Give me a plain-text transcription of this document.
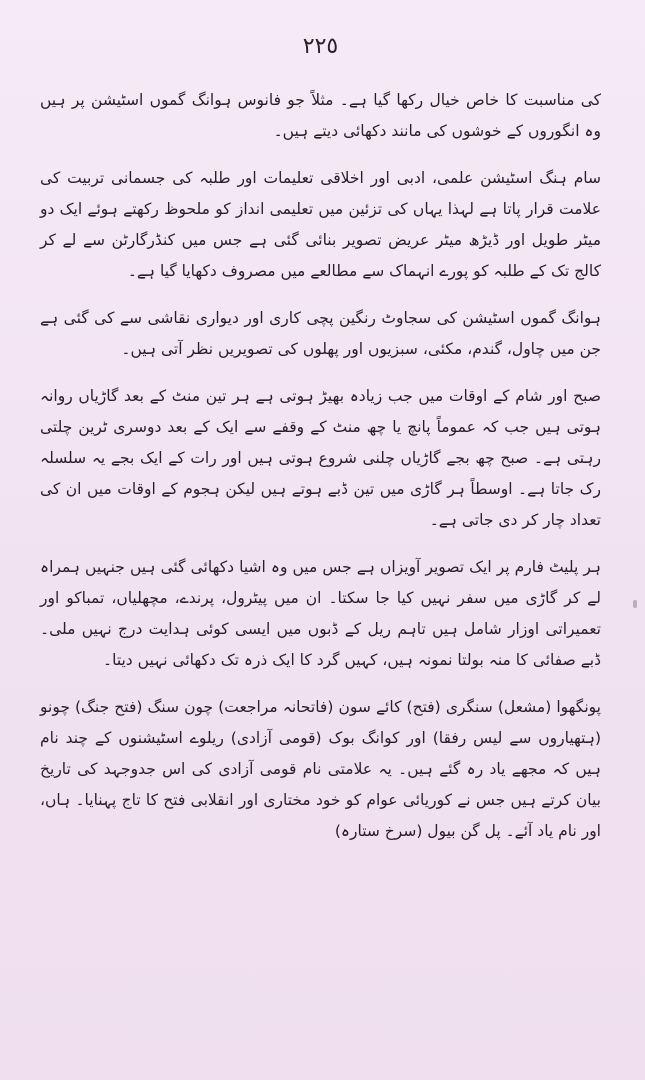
٢٢٥

کی مناسبت کا خاص خیال رکھا گیا ہے۔ مثلاً جو فانوس ہوانگ گموں اسٹیشن پر ہیں وہ انگوروں کے خوشوں کی مانند دکھائی دیتے ہیں۔

سام ہنگ اسٹیشن علمی، ادبی اور اخلاقی تعلیمات اور طلبہ کی جسمانی تربیت کی علامت قرار پاتا ہے لہذا یہاں کی تزئین میں تعلیمی انداز کو ملحوظ رکھتے ہوئے ایک دو میٹر طویل اور ڈیڑھ میٹر عریض تصویر بنائی گئی ہے جس میں کنڈرگارٹن سے لے کر کالج تک کے طلبہ کو پورے انہماک سے مطالعے میں مصروف دکھایا گیا ہے۔

ہوانگ گموں اسٹیشن کی سجاوٹ رنگین پچی کاری اور دیواری نقاشی سے کی گئی ہے جن میں چاول، گندم، مکئی، سبزیوں اور پھلوں کی تصویریں نظر آتی ہیں۔

صبح اور شام کے اوقات میں جب زیادہ بھیڑ ہوتی ہے ہر تین منٹ کے بعد گاڑیاں روانہ ہوتی ہیں جب کہ عموماً پانچ یا چھ منٹ کے وقفے سے ایک کے بعد دوسری ٹرین چلتی رہتی ہے۔ صبح چھ بجے گاڑیاں چلنی شروع ہوتی ہیں اور رات کے ایک بجے یہ سلسلہ رک جاتا ہے۔ اوسطاً ہر گاڑی میں تین ڈبے ہوتے ہیں لیکن ہجوم کے اوقات میں ان کی تعداد چار کر دی جاتی ہے۔

ہر پلیٹ فارم پر ایک تصویر آویزاں ہے جس میں وہ اشیا دکھائی گئی ہیں جنہیں ہمراہ لے کر گاڑی میں سفر نہیں کیا جا سکتا۔ ان میں پیٹرول، پرندے، مچھلیاں، تمباکو اور تعمیراتی اوزار شامل ہیں تاہم ریل کے ڈبوں میں ایسی کوئی ہدایت درج نہیں ملی۔ ڈبے صفائی کا منہ بولتا نمونہ ہیں، کہیں گرد کا ایک ذرہ تک دکھائی نہیں دیتا۔

پونگھوا (مشعل) سنگری (فتح) کائے سون (فاتحانہ مراجعت) چون سنگ (فتح جنگ) چونو (ہتھیاروں سے لیس رفقا) اور کوانگ بوک (قومی آزادی) ریلوے اسٹیشنوں کے چند نام ہیں کہ مجھے یاد رہ گئے ہیں۔ یہ علامتی نام قومی آزادی کی اس جدوجہد کی تاریخ بیان کرتے ہیں جس نے کوریائی عوام کو خود مختاری اور انقلابی فتح کا تاج پہنایا۔ ہاں، اور نام یاد آئے۔ پل گن بیول (سرخ ستارہ)
